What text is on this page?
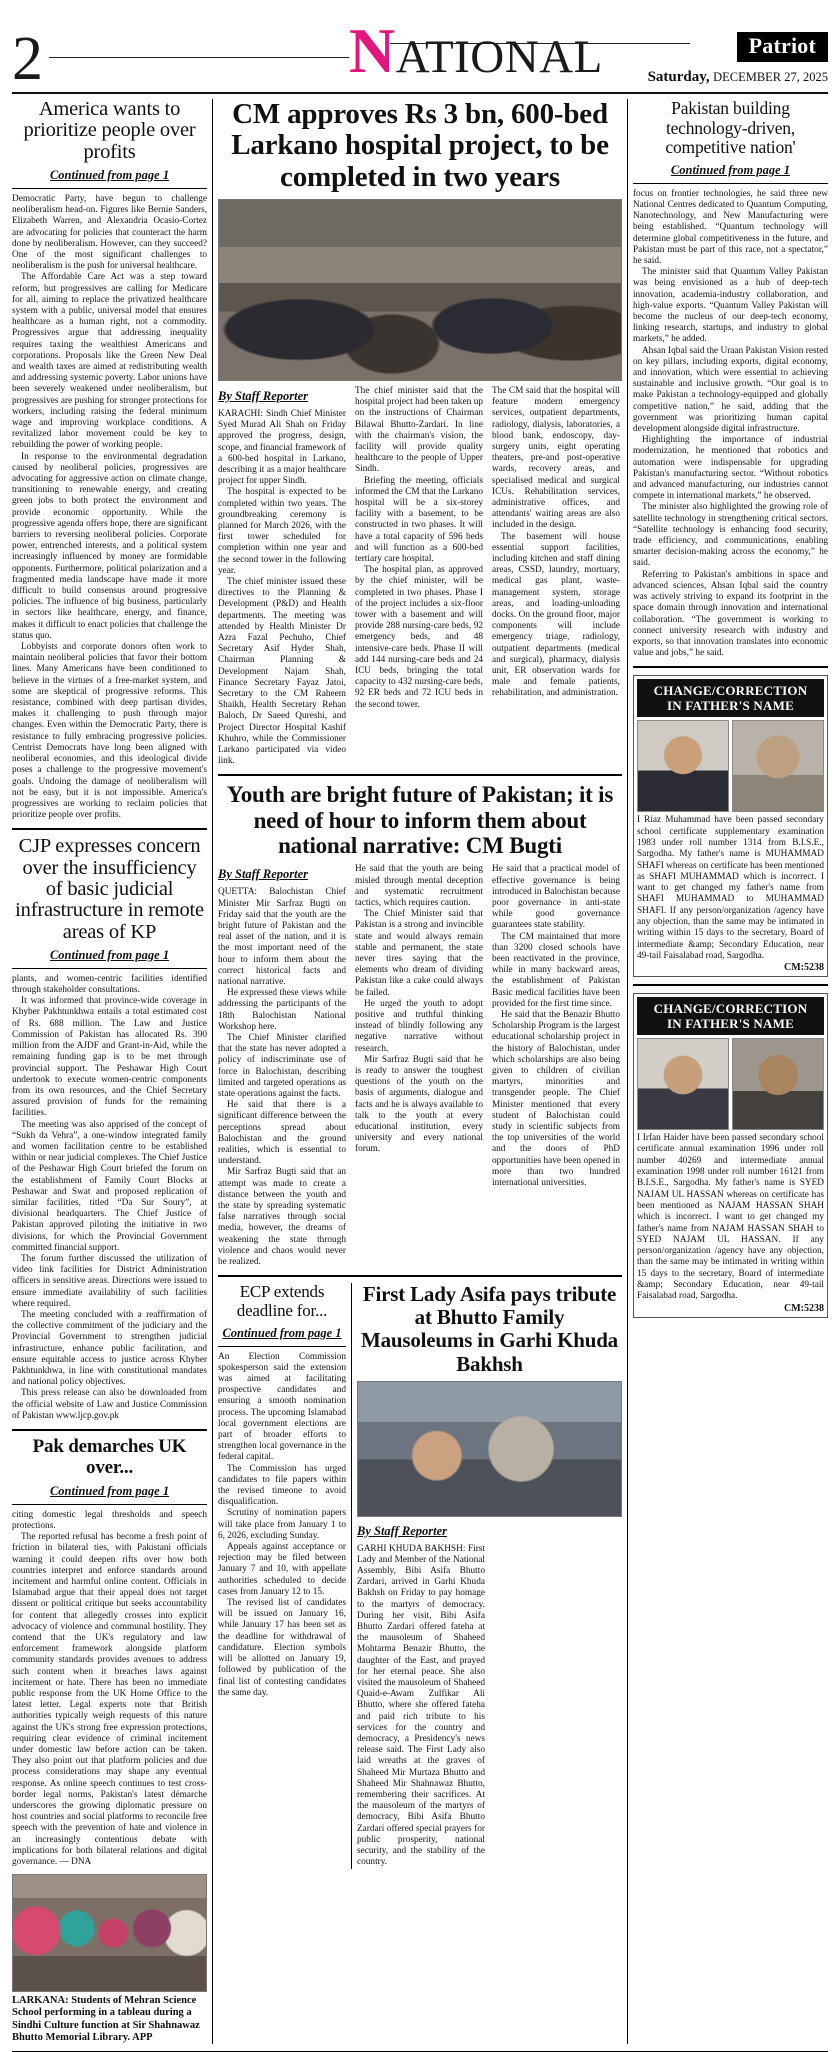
2	NATIONAL	Patriot
Saturday, DECEMBER 27, 2025
America wants to prioritize people over profits
Continued from page 1

Democratic Party, have begun to challenge neoliberalism head-on. Figures like Bernie Sanders, Elizabeth Warren, and Alexandria Ocasio-Cortez are advocating for policies that counteract the harm done by neoliberalism. However, can they succeed? One of the most significant challenges to neoliberalism is the push for universal healthcare.

The Affordable Care Act was a step toward reform, but progressives are calling for Medicare for all, aiming to replace the privatized healthcare system with a public, universal model that ensures healthcare as a human right, not a commodity. Progressives argue that addressing inequality requires taxing the wealthiest Americans and corporations. Proposals like the Green New Deal and wealth taxes are aimed at redistributing wealth and addressing systemic poverty. Labor unions have been severely weakened under neoliberalism, but progressives are pushing for stronger protections for workers, including raising the federal minimum wage and improving workplace conditions. A revitalized labor movement could be key to rebuilding the power of working people.

In response to the environmental degradation caused by neoliberal policies, progressives are advocating for aggressive action on climate change, transitioning to renewable energy, and creating green jobs to both protect the environment and provide economic opportunity. While the progressive agenda offers hope, there are significant barriers to reversing neoliberal policies. Corporate power, entrenched interests, and a political system increasingly influenced by money are formidable opponents. Furthermore, political polarization and a fragmented media landscape have made it more difficult to build consensus around progressive policies. The influence of big business, particularly in sectors like healthcare, energy, and finance, makes it difficult to enact policies that challenge the status quo.

Lobbyists and corporate donors often work to maintain neoliberal policies that favor their bottom lines. Many Americans have been conditioned to believe in the virtues of a free-market system, and some are skeptical of progressive reforms. This resistance, combined with deep partisan divides, makes it challenging to push through major changes. Even within the Democratic Party, there is resistance to fully embracing progressive policies. Centrist Democrats have long been aligned with neoliberal economies, and this ideological divide poses a challenge to the progressive movement's goals. Undoing the damage of neoliberalism will not be easy, but it is not impossible. America's progressives are working to reclaim policies that prioritize people over profits.

CJP expresses concern over the insufficiency of basic judicial infrastructure in remote areas of KP
Continued from page 1

plants, and women-centric facilities identified through stakeholder consultations.

It was informed that province-wide coverage in Khyber Pakhtunkhwa entails a total estimated cost of Rs. 688 million. The Law and Justice Commission of Pakistan has allocated Rs. 390 million from the AJDF and Grant-in-Aid, while the remaining funding gap is to be met through provincial support. The Peshawar High Court undertook to execute women-centric components from its own resources, and the Chief Secretary assured provision of funds for the remaining facilities.

The meeting was also apprised of the concept of “Sukh da Vehra”, a one-window integrated family and women facilitation centre to be established within or near judicial complexes. The Chief Justice of the Peshawar High Court briefed the forum on the establishment of Family Court Blocks at Peshawar and Swat and proposed replication of similar facilities, titled “Da Sur Soury”, at divisional headquarters. The Chief Justice of Pakistan approved piloting the initiative in two divisions, for which the Provincial Government committed financial support.

The forum further discussed the utilization of video link facilities for District Administration officers in sensitive areas. Directions were issued to ensure immediate availability of such facilities where required.

The meeting concluded with a reaffirmation of the collective commitment of the judiciary and the Provincial Government to strengthen judicial infrastructure, enhance public facilitation, and ensure equitable access to justice across Khyber Pakhtunkhwa, in line with constitutional mandates and national policy objectives.

This press release can also be downloaded from the official website of Law and Justice Commission of Pakistan www.ljcp.gov.pk

Pak demarches UK over...
Continued from page 1

citing domestic legal thresholds and speech protections.

The reported refusal has become a fresh point of friction in bilateral ties, with Pakistani officials warning it could deepen rifts over how both countries interpret and enforce standards around incitement and harmful online content. Officials in Islamabad argue that their appeal does not target dissent or political critique but seeks accountability for content that allegedly crosses into explicit advocacy of violence and communal hostility. They contend that the UK's regulatory and law enforcement framework alongside platform community standards provides avenues to address such content when it breaches laws against incitement or hate. There has been no immediate public response from the UK Home Office to the latest letter. Legal experts note that British authorities typically weigh requests of this nature against the UK's strong free expression protections, requiring clear evidence of criminal incitement under domestic law before action can be taken. They also point out that platform policies and due process considerations may shape any eventual response. As online speech continues to test cross-border legal norms, Pakistan's latest démarche underscores the growing diplomatic pressure on host countries and social platforms to reconcile free speech with the prevention of hate and violence in an increasingly contentious debate with implications for both bilateral relations and digital governance. — DNA

LARKANA: Students of Mehran Science School performing in a tableau during a Sindhi Culture function at Sir Shahnawaz Bhutto Memorial Library. APP
CM approves Rs 3 bn, 600-bed Larkano hospital project, to be completed in two years
By Staff Reporter

KARACHI: Sindh Chief Minister Syed Murad Ali Shah on Friday approved the progress, design, scope, and financial framework of a 600-bed hospital in Larkano, describing it as a major healthcare project for upper Sindh.

The hospital is expected to be completed within two years. The groundbreaking ceremony is planned for March 2026, with the first tower scheduled for completion within one year and the second tower in the following year.

The chief minister issued these directives to the Planning & Development (P&D) and Health departments. The meeting was attended by Health Minister Dr Azra Fazal Pechuho, Chief Secretary Asif Hyder Shah, Chairman Planning & Development Najam Shah, Finance Secretary Fayaz Jatoi, Secretary to the CM Raheem Shaikh, Health Secretary Rehan Baloch, Dr Saeed Qureshi, and Project Director Hospital Kashif Khuhro, while the Commissioner Larkano participated via video link.

The chief minister said that the hospital project had been taken up on the instructions of Chairman Bilawal Bhutto-Zardari. In line with the chairman's vision, the facility will provide quality healthcare to the people of Upper Sindh.

Briefing the meeting, officials informed the CM that the Larkano hospital will be a six-storey facility with a basement, to be constructed in two phases. It will have a total capacity of 596 beds and will function as a 600-bed tertiary care hospital.

The hospital plan, as approved by the chief minister, will be completed in two phases. Phase I of the project includes a six-floor tower with a basement and will provide 288 nursing-care beds, 92 emergency beds, and 48 intensive-care beds. Phase II will add 144 nursing-care beds and 24 ICU beds, bringing the total capacity to 432 nursing-care beds, 92 ER beds and 72 ICU beds in the second tower.

The CM said that the hospital will feature modern emergency services, outpatient departments, radiology, dialysis, laboratories, a blood bank, endoscopy, day-surgery units, eight operating theaters, pre-and post-operative wards, recovery areas, and specialised medical and surgical ICUs. Rehabilitation services, administrative offices, and attendants' waiting areas are also included in the design.

The basement will house essential support facilities, including kitchen and staff dining areas, CSSD, laundry, mortuary, medical gas plant, waste-management system, storage areas, and loading-unloading docks. On the ground floor, major components will include emergency triage, radiology, outpatient departments (medical and surgical), pharmacy, dialysis unit, ER observation wards for male and female patients, rehabilitation, and administration.

Youth are bright future of Pakistan; it is need of hour to inform them about national narrative: CM Bugti
By Staff Reporter

QUETTA: Balochistan Chief Minister Mir Sarfraz Bugti on Friday said that the youth are the bright future of Pakistan and the real asset of the nation, and it is the most important need of the hour to inform them about the correct historical facts and national narrative.

He expressed these views while addressing the participants of the 18th Balochistan National Workshop here.

The Chief Minister clarified that the state has never adopted a policy of indiscriminate use of force in Balochistan, describing limited and targeted operations as state operations against the facts.

He said that there is a significant difference between the perceptions spread about Balochistan and the ground realities, which is essential to understand.

Mir Sarfraz Bugti said that an attempt was made to create a distance between the youth and the state by spreading systematic false narratives through social media, however, the dreams of weakening the state through violence and chaos would never be realized.

He said that the youth are being misled through mental deception and systematic recruitment tactics, which requires caution.

The Chief Minister said that Pakistan is a strong and invincible state and would always remain stable and permanent, the state never tires saying that the elements who dream of dividing Pakistan like a cake could always be failed.

He urged the youth to adopt positive and truthful thinking instead of blindly following any negative narrative without research.

Mir Sarfraz Bugti said that he is ready to answer the toughest questions of the youth on the basis of arguments, dialogue and facts and he is always available to talk to the youth at every educational institution, every university and every national forum.

He said that a practical model of effective governance is being introduced in Balochistan because poor governance in anti-state while good governance guarantees state stability.

The CM maintained that more than 3200 closed schools have been reactivated in the province, while in many backward areas, the establishment of Pakistan Basic medical facilities have been provided for the first time since.

He said that the Benazir Bhutto Scholarship Program is the largest educational scholarship project in the history of Balochistan, under which scholarships are also being given to children of civilian martyrs, minorities and transgender people. The Chief Minister mentioned that every student of Balochistan could study in scientific subjects from the top universities of the world and the doors of PhD opportunities have been opened in more than two hundred international universities.

ECP extends deadline for...
Continued from page 1

An Election Commission spokesperson said the extension was aimed at facilitating prospective candidates and ensuring a smooth nomination process. The upcoming Islamabad local government elections are part of broader efforts to strengthen local governance in the federal capital.

The Commission has urged candidates to file papers within the revised timeone to avoid disqualification.

Scrutiny of nomination papers will take place from January 1 to 6, 2026, excluding Sunday.

Appeals against acceptance or rejection may be filed between January 7 and 10, with appellate authorities scheduled to decide cases from January 12 to 15.

The revised list of candidates will be issued on January 16, while January 17 has been set as the deadline for withdrawal of candidature. Election symbols will be allotted on January 19, followed by publication of the final list of contesting candidates the same day.

First Lady Asifa pays tribute at Bhutto Family Mausoleums in Garhi Khuda Bakhsh
By Staff Reporter

GARHI KHUDA BAKHSH: First Lady and Member of the National Assembly, Bibi Asifa Bhutto Zardari, arrived in Garhi Khuda Bakhsh on Friday to pay homage to the martyrs of democracy. During her visit, Bibi Asifa Bhutto Zardari offered fateha at the mausoleum of Shaheed Mohtarma Benazir Bhutto, the daughter of the East, and prayed for her eternal peace. She also visited the mausoleum of Shaheed Quaid-e-Awam Zulfikar Ali Bhutto, where she offered fateha and paid rich tribute to his services for the country and democracy, a Presidency's news release said. The First Lady also laid wreaths at the graves of Shaheed Mir Murtaza Bhutto and Shaheed Mir Shahnawaz Bhutto, remembering their sacrifices. At the mausoleum of the martyrs of democracy, Bibi Asifa Bhutto Zardari offered special prayers for public prosperity, national security, and the stability of the country.

Pakistan building technology-driven, competitive nation'
Continued from page 1

focus on frontier technologies, he said three new National Centres dedicated to Quantum Computing, Nanotechnology, and New Manufacturing were being established. “Quantum technology will determine global competitiveness in the future, and Pakistan must be part of this race, not a spectator,” he said.

The minister said that Quantum Valley Pakistan was being envisioned as a hub of deep-tech innovation, academia-industry collaboration, and high-value exports. “Quantum Valley Pakistan will become the nucleus of our deep-tech economy, linking research, startups, and industry to global markets,” he added.

Ahsan Iqbal said the Uraan Pakistan Vision rested on key pillars, including exports, digital economy, and innovation, which were essential to achieving sustainable and inclusive growth. “Our goal is to make Pakistan a technology-equipped and globally competitive nation,” he said, adding that the government was prioritizing human capital development alongside digital infrastructure.

Highlighting the importance of industrial modernization, he mentioned that robotics and automation were indispensable for upgrading Pakistan's manufacturing sector. “Without robotics and advanced manufacturing, our industries cannot compete in international markets,” he observed.

The minister also highlighted the growing role of satellite technology in strengthening critical sectors. “Satellite technology is enhancing food security, trade efficiency, and communications, enabling smarter decision-making across the economy,” he said.

Referring to Pakistan's ambitions in space and advanced sciences, Ahsan Iqbal said the country was actively striving to expand its footprint in the space domain through innovation and international collaboration. “The government is working to connect university research with industry and exports, so that innovation translates into economic value and jobs,” he said.

CHANGE/CORRECTION
IN FATHER'S NAME

I Riaz Muhammad have been passed secondary school certificate supplementary examination 1983 under roll number 1314 from B.I.S.E., Sargodha. My father's name is MUHAMMAD SHAFI whereas on certificate has been mentioned as SHAFI MUHAMMAD which is incorrect. I want to get changed my father's name from SHAFI MUHAMMAD to MUHAMMAD SHAFI. If any person/organization /agency have any objection, than the same may be intimated in writing within 15 days to the secretary, Board of intermediate &amp; Secondary Education, near 49-tail Faisalabad road, Sargodha.

CM:5238
CHANGE/CORRECTION
IN FATHER'S NAME

I Irfan Haider have been passed secondary school certificate annual examination 1996 under roll number 40269 and intermediate annual examination 1998 under roll number 16121 from B.I.S.E., Sargodha. My father's name is SYED NAJAM UL HASSAN whereas on certificate has been mentioned as NAJAM HASSAN SHAH which is incorrect. I want to get changed my father's name from NAJAM HASSAN SHAH to SYED NAJAM UL HASSAN. If any person/organization /agency have any objection, than the same may be intimated in writing within 15 days to the secretary, Board of intermediate &amp; Secondary Education, near 49-tail Faisalabad road, Sargodha.

CM:5238
